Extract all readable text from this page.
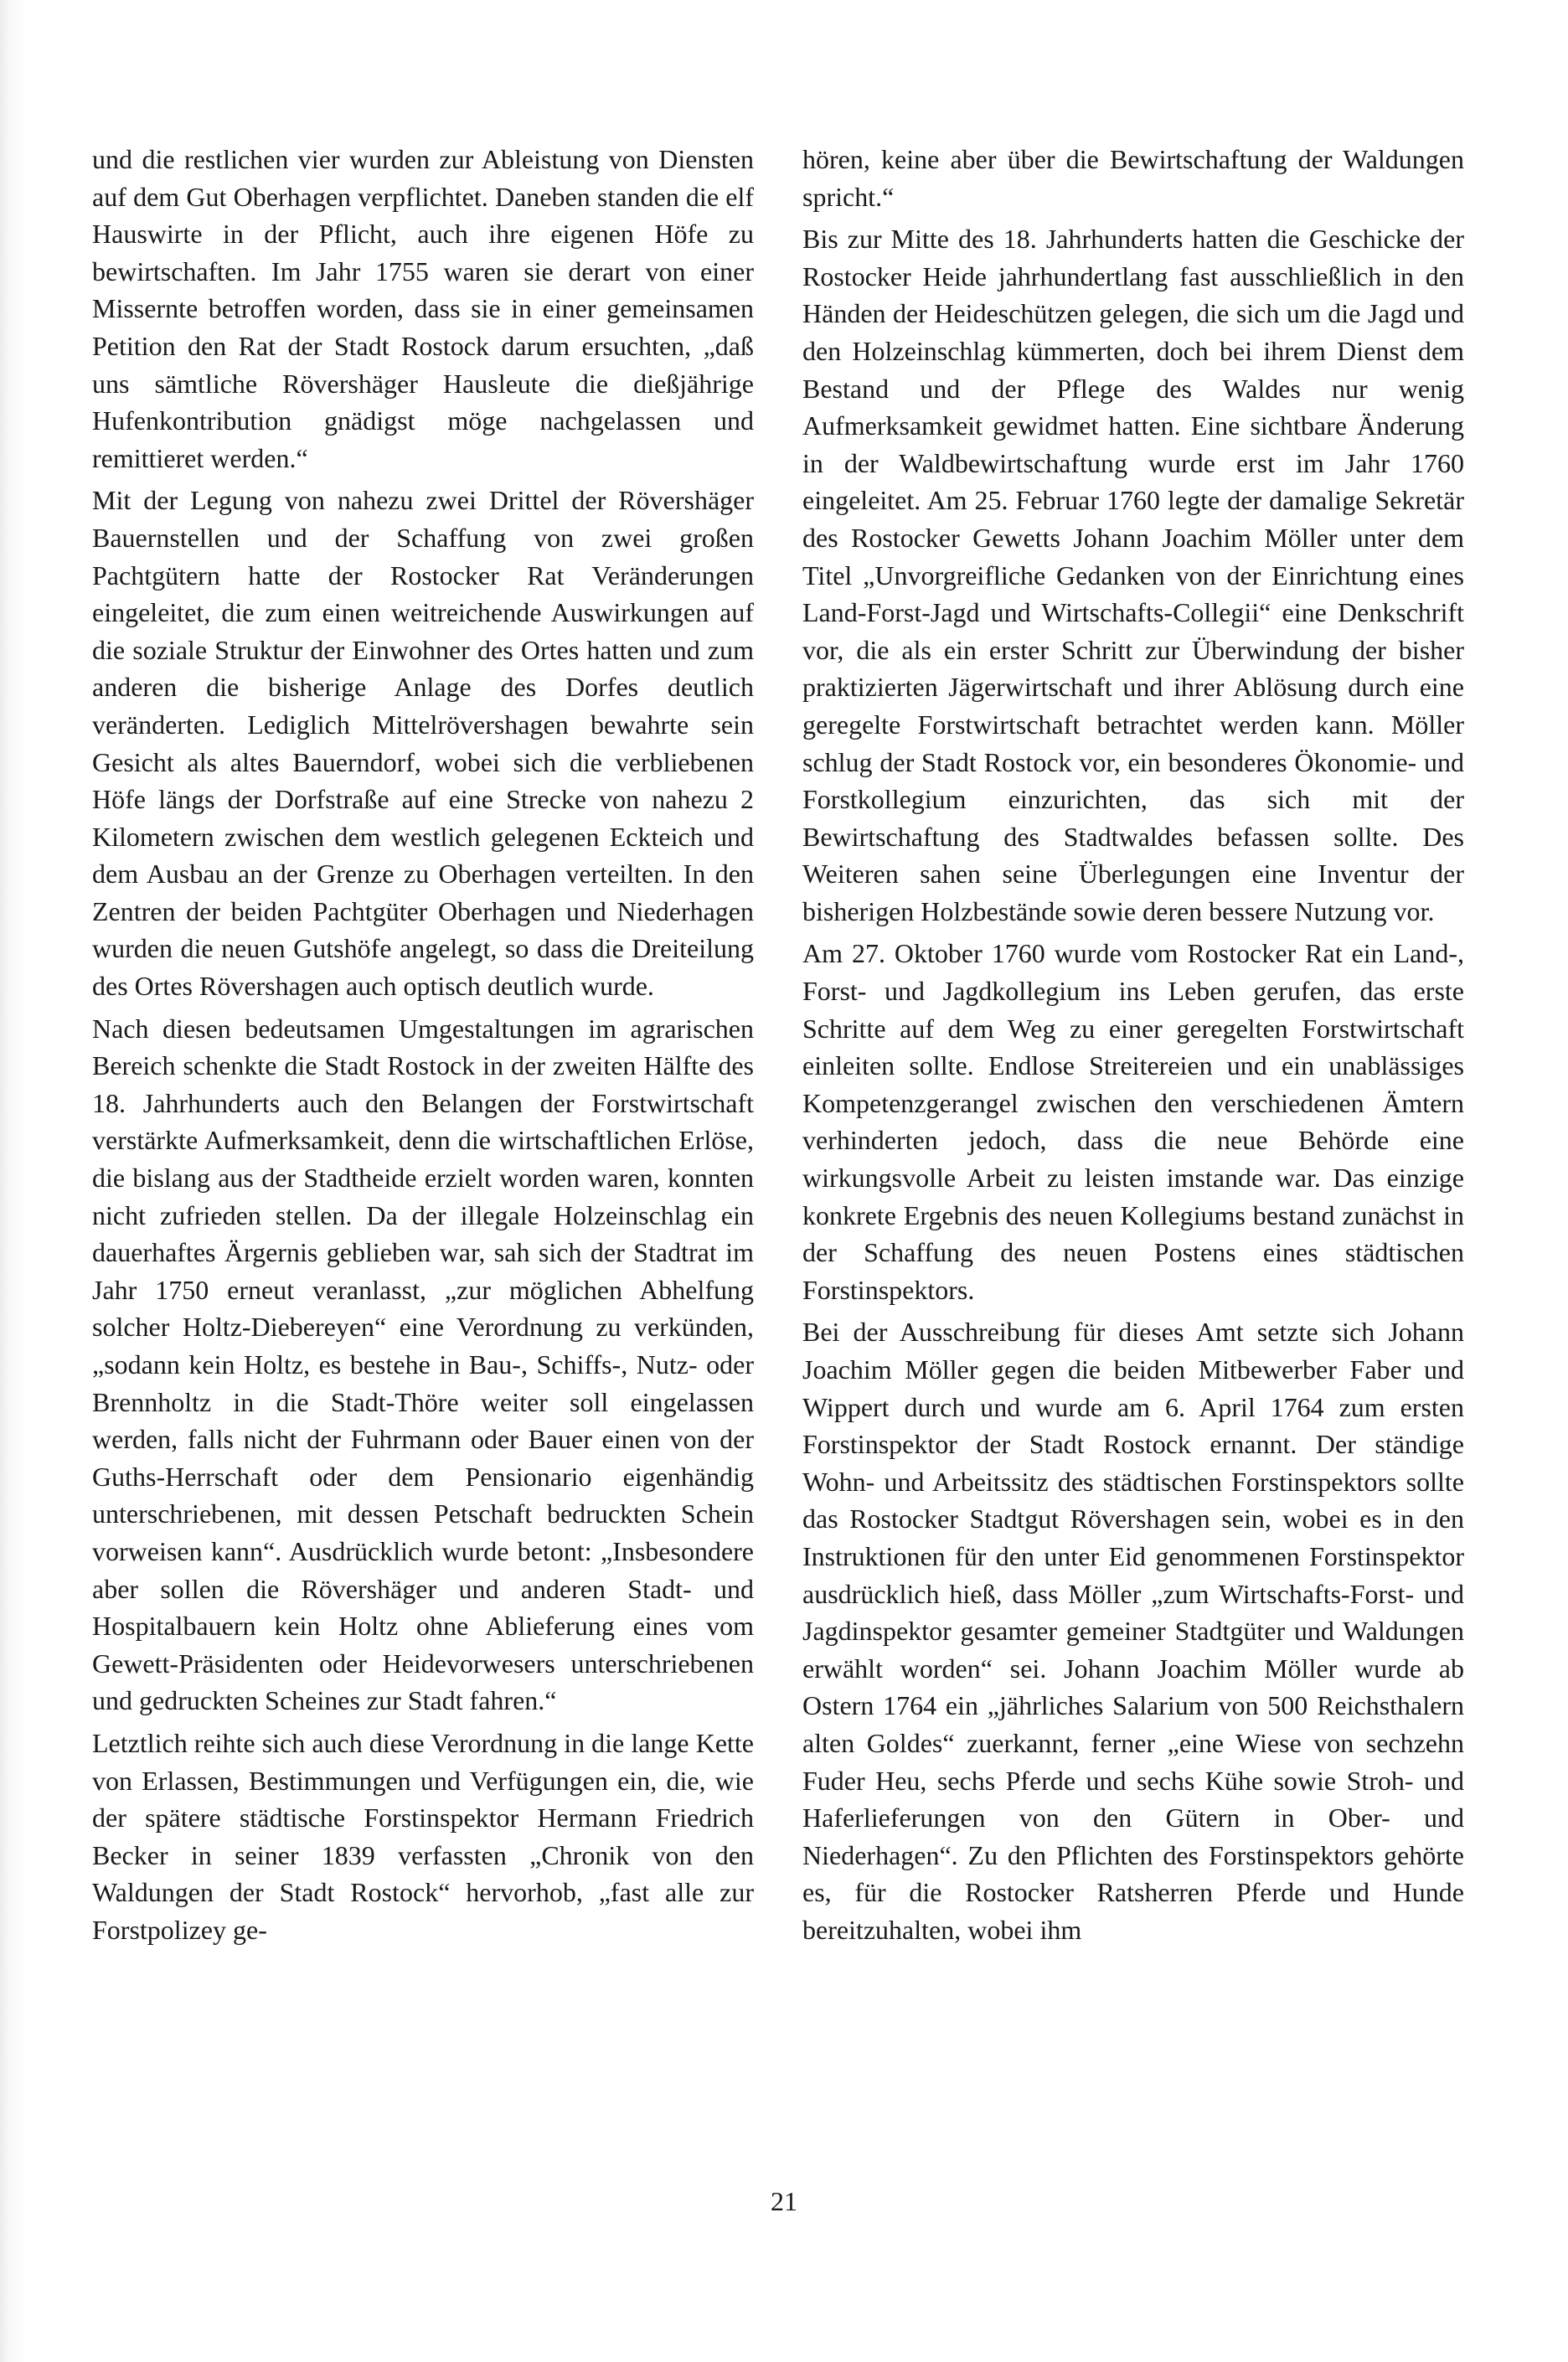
und die restlichen vier wurden zur Ableistung von Diensten auf dem Gut Oberhagen verpflichtet. Daneben standen die elf Hauswirte in der Pflicht, auch ihre eigenen Höfe zu bewirtschaften. Im Jahr 1755 waren sie derart von einer Missernte betroffen worden, dass sie in einer gemeinsamen Petition den Rat der Stadt Rostock darum ersuchten, „daß uns sämtliche Rövershäger Hausleute die dießjährige Hufenkontribution gnädigst möge nachgelassen und remittieret werden.“

Mit der Legung von nahezu zwei Drittel der Rövershäger Bauernstellen und der Schaffung von zwei großen Pachtgütern hatte der Rostocker Rat Veränderungen eingeleitet, die zum einen weitreichende Auswirkungen auf die soziale Struktur der Einwohner des Ortes hatten und zum anderen die bisherige Anlage des Dorfes deutlich veränderten. Lediglich Mittelrövershagen bewahrte sein Gesicht als altes Bauerndorf, wobei sich die verbliebenen Höfe längs der Dorfstraße auf eine Strecke von nahezu 2 Kilometern zwischen dem westlich gelegenen Eckteich und dem Ausbau an der Grenze zu Oberhagen verteilten. In den Zentren der beiden Pachtgüter Oberhagen und Niederhagen wurden die neuen Gutshöfe angelegt, so dass die Dreiteilung des Ortes Rövershagen auch optisch deutlich wurde.

Nach diesen bedeutsamen Umgestaltungen im agrarischen Bereich schenkte die Stadt Rostock in der zweiten Hälfte des 18. Jahrhunderts auch den Belangen der Forstwirtschaft verstärkte Aufmerksamkeit, denn die wirtschaftlichen Erlöse, die bislang aus der Stadtheide erzielt worden waren, konnten nicht zufrieden stellen. Da der illegale Holzeinschlag ein dauerhaftes Ärgernis geblieben war, sah sich der Stadtrat im Jahr 1750 erneut veranlasst, „zur möglichen Abhelfung solcher Holtz-Diebereyen“ eine Verordnung zu verkünden, „sodann kein Holtz, es bestehe in Bau-, Schiffs-, Nutz- oder Brennholtz in die Stadt-Thöre weiter soll eingelassen werden, falls nicht der Fuhrmann oder Bauer einen von der Guths-Herrschaft oder dem Pensionario eigenhändig unterschriebenen, mit dessen Petschaft bedruckten Schein vorweisen kann“. Ausdrücklich wurde betont: „Insbesondere aber sollen die Rövershäger und anderen Stadt- und Hospitalbauern kein Holtz ohne Ablieferung eines vom Gewett-Präsidenten oder Heidevorwesers unterschriebenen und gedruckten Scheines zur Stadt fahren.“

Letztlich reihte sich auch diese Verordnung in die lange Kette von Erlassen, Bestimmungen und Verfügungen ein, die, wie der spätere städtische Forstinspektor Hermann Friedrich Becker in seiner 1839 verfassten „Chronik von den Waldungen der Stadt Rostock“ hervorhob, „fast alle zur Forstpolizey ge-

hören, keine aber über die Bewirtschaftung der Waldungen spricht.“

Bis zur Mitte des 18. Jahrhunderts hatten die Geschicke der Rostocker Heide jahrhundertlang fast ausschließlich in den Händen der Heideschützen gelegen, die sich um die Jagd und den Holzeinschlag kümmerten, doch bei ihrem Dienst dem Bestand und der Pflege des Waldes nur wenig Aufmerksamkeit gewidmet hatten. Eine sichtbare Änderung in der Waldbewirtschaftung wurde erst im Jahr 1760 eingeleitet. Am 25. Februar 1760 legte der damalige Sekretär des Rostocker Gewetts Johann Joachim Möller unter dem Titel „Unvorgreifliche Gedanken von der Einrichtung eines Land-Forst-Jagd und Wirtschafts-Collegii“ eine Denkschrift vor, die als ein erster Schritt zur Überwindung der bisher praktizierten Jägerwirtschaft und ihrer Ablösung durch eine geregelte Forstwirtschaft betrachtet werden kann. Möller schlug der Stadt Rostock vor, ein besonderes Ökonomie- und Forstkollegium einzurichten, das sich mit der Bewirtschaftung des Stadtwaldes befassen sollte. Des Weiteren sahen seine Überlegungen eine Inventur der bisherigen Holzbestände sowie deren bessere Nutzung vor.

Am 27. Oktober 1760 wurde vom Rostocker Rat ein Land-, Forst- und Jagdkollegium ins Leben gerufen, das erste Schritte auf dem Weg zu einer geregelten Forstwirtschaft einleiten sollte. Endlose Streitereien und ein unablässiges Kompetenzgerangel zwischen den verschiedenen Ämtern verhinderten jedoch, dass die neue Behörde eine wirkungsvolle Arbeit zu leisten imstande war. Das einzige konkrete Ergebnis des neuen Kollegiums bestand zunächst in der Schaffung des neuen Postens eines städtischen Forstinspektors.

Bei der Ausschreibung für dieses Amt setzte sich Johann Joachim Möller gegen die beiden Mitbewerber Faber und Wippert durch und wurde am 6. April 1764 zum ersten Forstinspektor der Stadt Rostock ernannt. Der ständige Wohn- und Arbeitssitz des städtischen Forstinspektors sollte das Rostocker Stadtgut Rövershagen sein, wobei es in den Instruktionen für den unter Eid genommenen Forstinspektor ausdrücklich hieß, dass Möller „zum Wirtschafts-Forst- und Jagdinspektor gesamter gemeiner Stadtgüter und Waldungen erwählt worden“ sei. Johann Joachim Möller wurde ab Ostern 1764 ein „jährliches Salarium von 500 Reichsthalern alten Goldes“ zuerkannt, ferner „eine Wiese von sechzehn Fuder Heu, sechs Pferde und sechs Kühe sowie Stroh- und Haferlieferungen von den Gütern in Ober- und Niederhagen“. Zu den Pflichten des Forstinspektors gehörte es, für die Rostocker Ratsherren Pferde und Hunde bereitzuhalten, wobei ihm

21
